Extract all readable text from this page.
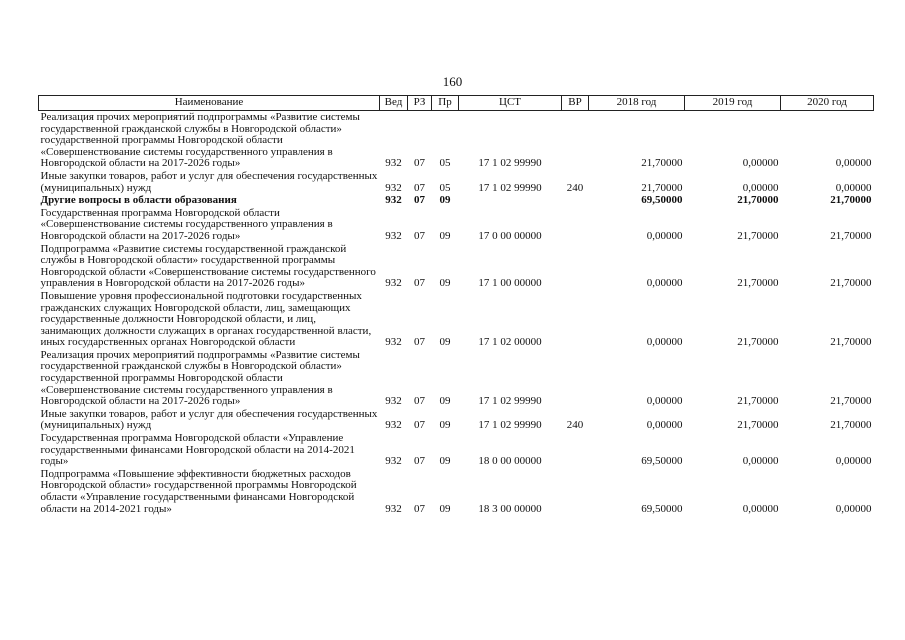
160
Наименование	Вед	РЗ	Пр	ЦСТ	ВР	2018 год	2019 год	2020 год
Реализация прочих мероприятий подпрограммы «Развитие системы государственной гражданской службы в Новгородской области» государственной программы Новгородской области «Совершенствование системы государственного управления в Новгородской области на 2017-2026 годы»	932	07	05	17 1 02 99990		21,70000	0,00000	0,00000
Иные закупки товаров, работ и услуг для обеспечения государственных (муниципальных) нужд	932	07	05	17 1 02 99990	240	21,70000	0,00000	0,00000
Другие вопросы в области образования	932	07	09			69,50000	21,70000	21,70000
Государственная программа Новгородской области «Совершенствование системы государственного управления в Новгородской области на 2017-2026 годы»	932	07	09	17 0 00 00000		0,00000	21,70000	21,70000
Подпрограмма «Развитие системы государственной гражданской службы в Новгородской области» государственной программы Новгородской области «Совершенствование системы государственного управления в Новгородской области на 2017-2026 годы»	932	07	09	17 1 00 00000		0,00000	21,70000	21,70000
Повышение уровня профессиональной подготовки государственных гражданских служащих Новгородской области, лиц, замещающих государственные должности Новгородской области, и лиц, занимающих должности служащих в органах государственной власти, иных государственных органах Новгородской области	932	07	09	17 1 02 00000		0,00000	21,70000	21,70000
Реализация прочих мероприятий подпрограммы «Развитие системы государственной гражданской службы в Новгородской области» государственной программы Новгородской области «Совершенствование системы государственного управления в Новгородской области на 2017-2026 годы»	932	07	09	17 1 02 99990		0,00000	21,70000	21,70000
Иные закупки товаров, работ и услуг для обеспечения государственных (муниципальных) нужд	932	07	09	17 1 02 99990	240	0,00000	21,70000	21,70000
Государственная программа Новгородской области «Управление государственными финансами Новгородской области на 2014-2021 годы»	932	07	09	18 0 00 00000		69,50000	0,00000	0,00000
Подпрограмма «Повышение эффективности бюджетных расходов Новгородской области» государственной программы Новгородской области «Управление государственными финансами Новгородской области на 2014-2021 годы»	932	07	09	18 3 00 00000		69,50000	0,00000	0,00000
